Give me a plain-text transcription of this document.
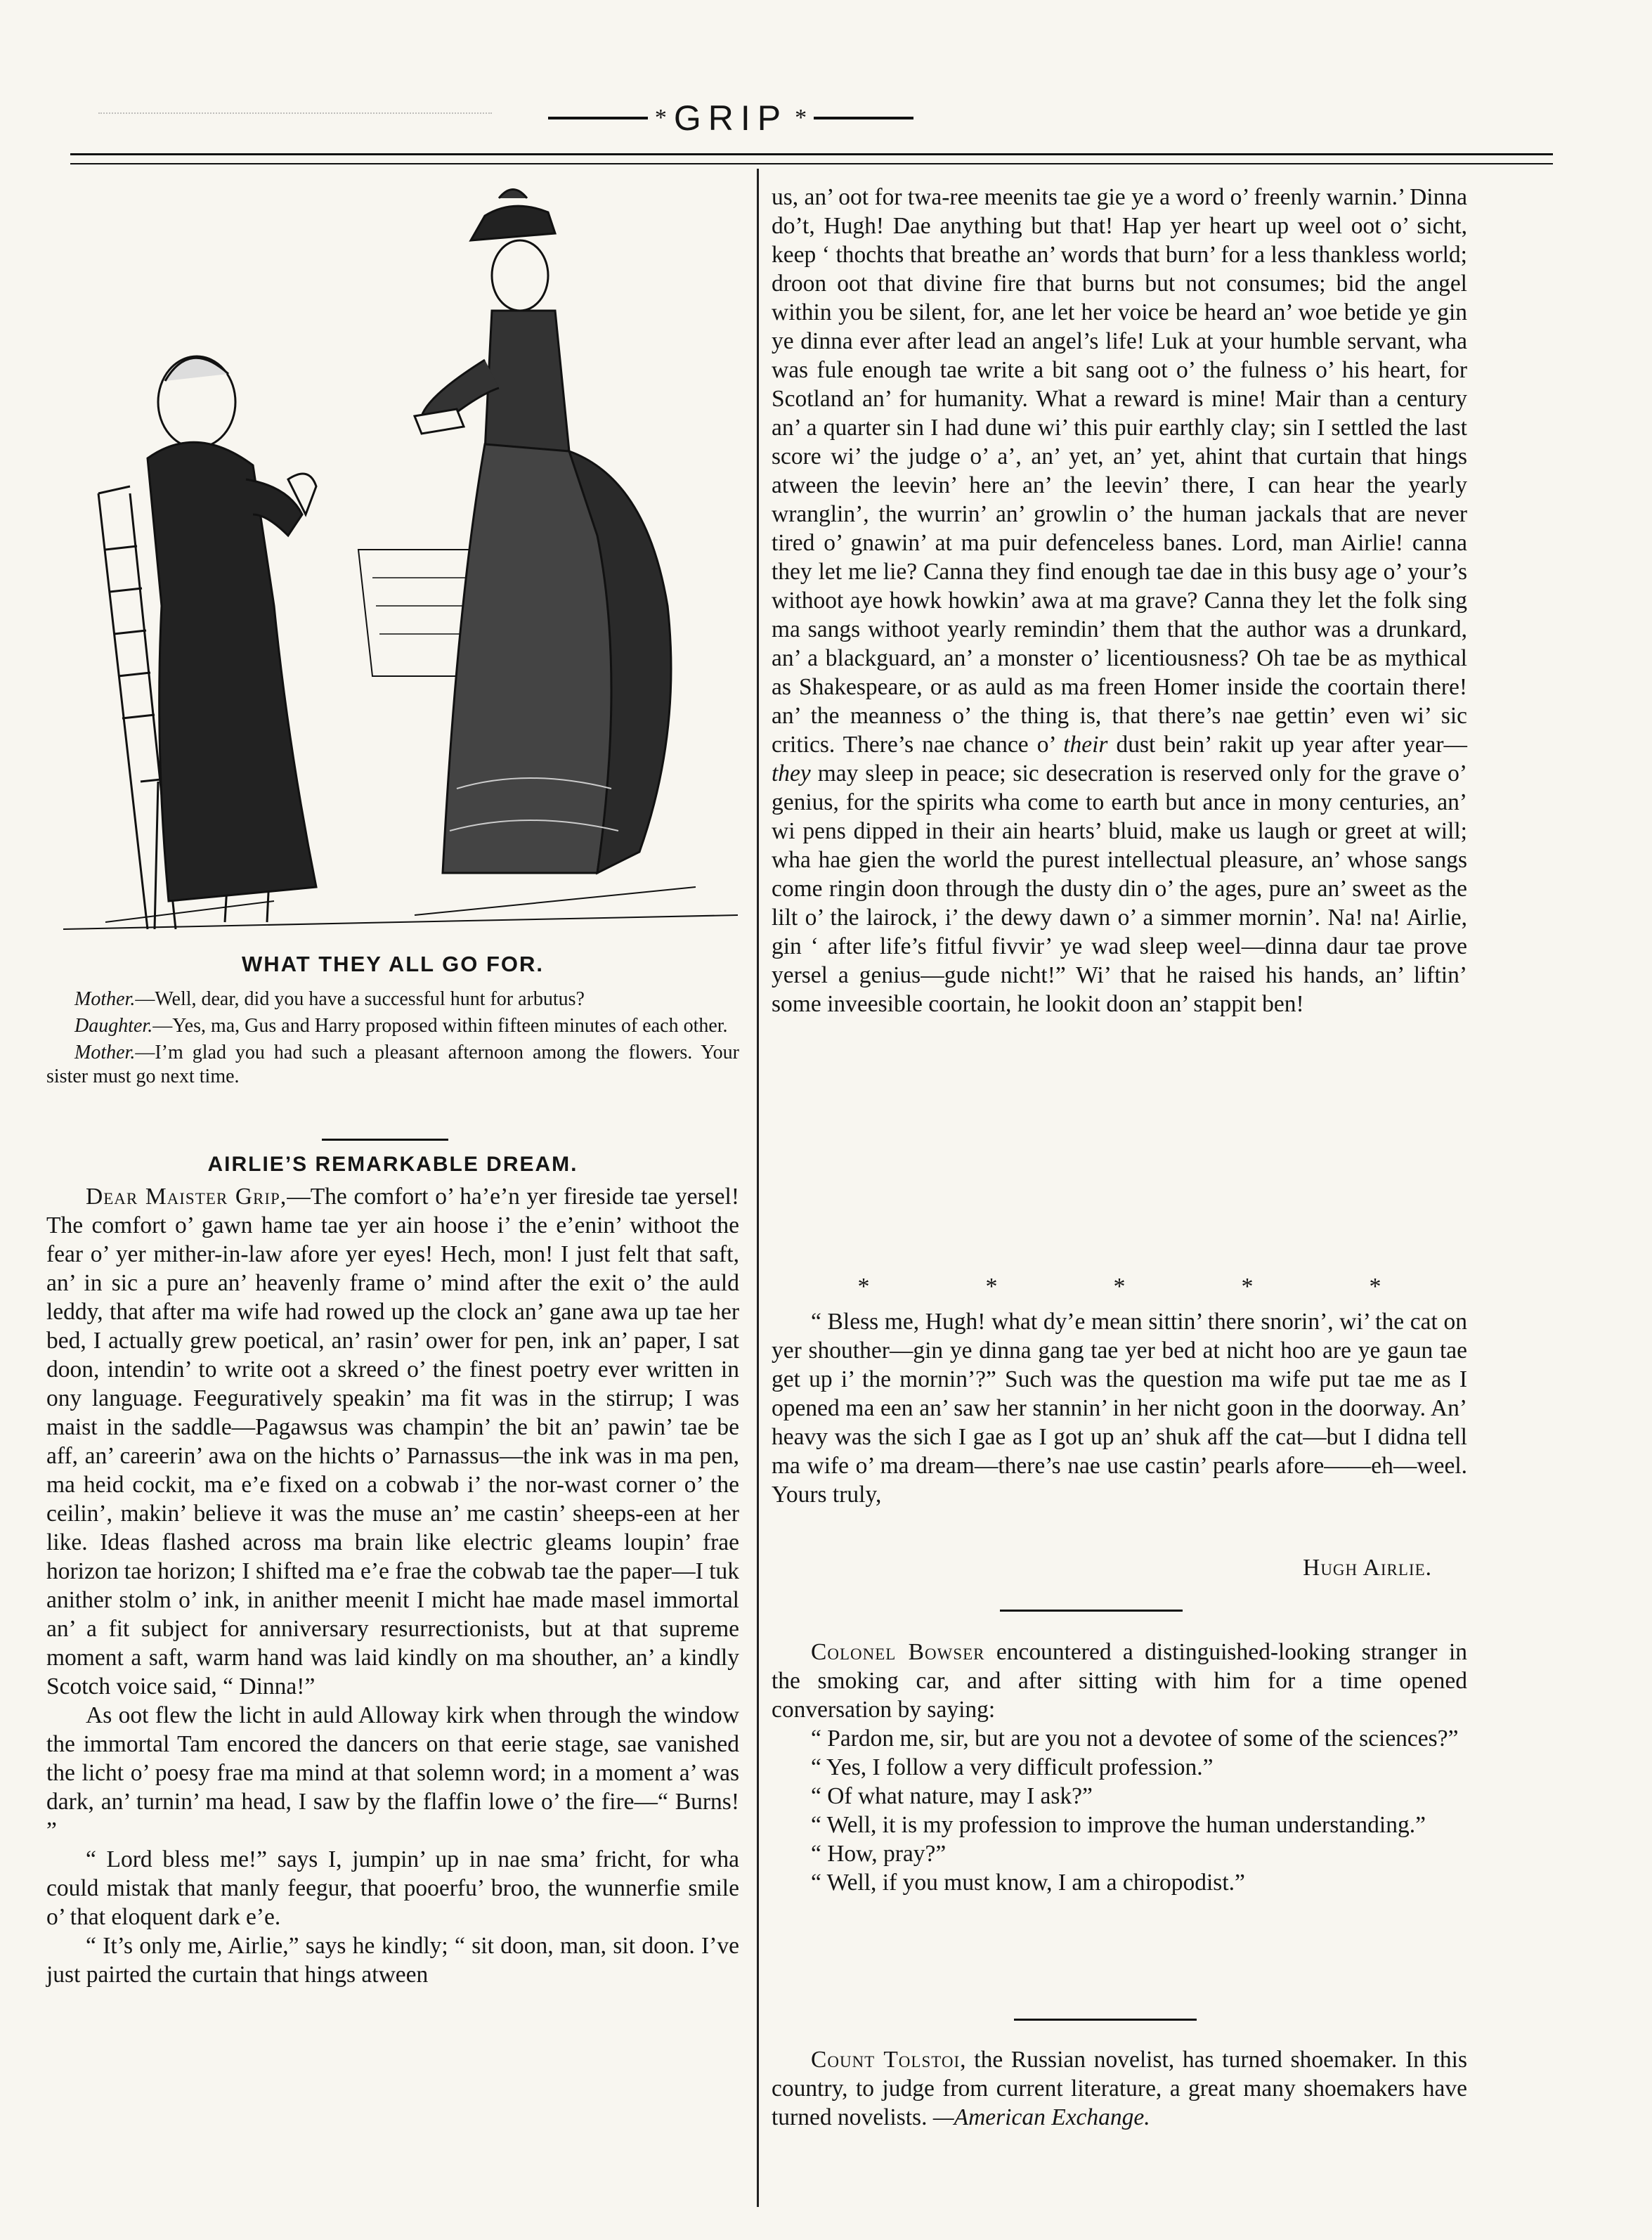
* GRIP *
WHAT THEY ALL GO FOR.

Mother.—Well, dear, did you have a successful hunt for arbutus?

Daughter.—Yes, ma, Gus and Harry proposed within fifteen minutes of each other.

Mother.—I’m glad you had such a pleasant afternoon among the flowers. Your sister must go next time.

AIRLIE’S REMARKABLE DREAM.

Dear Maister Grip,—The comfort o’ ha’e’n yer fireside tae yersel! The comfort o’ gawn hame tae yer ain hoose i’ the e’enin’ withoot the fear o’ yer mither-in-law afore yer eyes! Hech, mon! I just felt that saft, an’ in sic a pure an’ heavenly frame o’ mind after the exit o’ the auld leddy, that after ma wife had rowed up the clock an’ gane awa up tae her bed, I actually grew poetical, an’ rasin’ ower for pen, ink an’ paper, I sat doon, intendin’ to write oot a skreed o’ the finest poetry ever written in ony language. Feeguratively speakin’ ma fit was in the stirrup; I was maist in the saddle—Pagawsus was champin’ the bit an’ pawin’ tae be aff, an’ careerin’ awa on the hichts o’ Parnassus—the ink was in ma pen, ma heid cockit, ma e’e fixed on a cobwab i’ the nor-wast corner o’ the ceilin’, makin’ believe it was the muse an’ me castin’ sheeps-een at her like. Ideas flashed across ma brain like electric gleams loupin’ frae horizon tae horizon; I shifted ma e’e frae the cobwab tae the paper—I tuk anither stolm o’ ink, in anither meenit I micht hae made masel immortal an’ a fit subject for anniversary resurrectionists, but at that supreme moment a saft, warm hand was laid kindly on ma shouther, an’ a kindly Scotch voice said, “ Dinna!”

As oot flew the licht in auld Alloway kirk when through the window the immortal Tam encored the dancers on that eerie stage, sae vanished the licht o’ poesy frae ma mind at that solemn word; in a moment a’ was dark, an’ turnin’ ma head, I saw by the flaffin lowe o’ the fire—“ Burns! ”

“ Lord bless me!” says I, jumpin’ up in nae sma’ fricht, for wha could mistak that manly feegur, that pooerfu’ broo, the wunnerfie smile o’ that eloquent dark e’e.

“ It’s only me, Airlie,” says he kindly; “ sit doon, man, sit doon. I’ve just pairted the curtain that hings atween

us, an’ oot for twa-ree meenits tae gie ye a word o’ freenly warnin.’ Dinna do’t, Hugh! Dae anything but that! Hap yer heart up weel oot o’ sicht, keep ‘ thochts that breathe an’ words that burn’ for a less thankless world; droon oot that divine fire that burns but not consumes; bid the angel within you be silent, for, ane let her voice be heard an’ woe betide ye gin ye dinna ever after lead an angel’s life! Luk at your humble servant, wha was fule enough tae write a bit sang oot o’ the fulness o’ his heart, for Scotland an’ for humanity. What a reward is mine! Mair than a century an’ a quarter sin I had dune wi’ this puir earthly clay; sin I settled the last score wi’ the judge o’ a’, an’ yet, an’ yet, ahint that curtain that hings atween the leevin’ here an’ the leevin’ there, I can hear the yearly wranglin’, the wurrin’ an’ growlin o’ the human jackals that are never tired o’ gnawin’ at ma puir defenceless banes. Lord, man Airlie! canna they let me lie? Canna they find enough tae dae in this busy age o’ your’s withoot aye howk howkin’ awa at ma grave? Canna they let the folk sing ma sangs withoot yearly remindin’ them that the author was a drunkard, an’ a blackguard, an’ a monster o’ licentiousness? Oh tae be as mythical as Shakespeare, or as auld as ma freen Homer inside the coortain there! an’ the meanness o’ the thing is, that there’s nae gettin’ even wi’ sic critics. There’s nae chance o’ their dust bein’ rakit up year after year—they may sleep in peace; sic desecration is reserved only for the grave o’ genius, for the spirits wha come to earth but ance in mony centuries, an’ wi pens dipped in their ain hearts’ bluid, make us laugh or greet at will; wha hae gien the world the purest intellectual pleasure, an’ whose sangs come ringin doon through the dusty din o’ the ages, pure an’ sweet as the lilt o’ the lairock, i’ the dewy dawn o’ a simmer mornin’. Na! na! Airlie, gin ‘ after life’s fitful fivvir’ ye wad sleep weel—dinna daur tae prove yersel a genius—gude nicht!” Wi’ that he raised his hands, an’ liftin’ some inveesible coortain, he lookit doon an’ stappit ben!

*	*	*	*	*

“ Bless me, Hugh! what dy’e mean sittin’ there snorin’, wi’ the cat on yer shouther—gin ye dinna gang tae yer bed at nicht hoo are ye gaun tae get up i’ the mornin’?” Such was the question ma wife put tae me as I opened ma een an’ saw her stannin’ in her nicht goon in the doorway. An’ heavy was the sich I gae as I got up an’ shuk aff the cat—but I didna tell ma wife o’ ma dream—there’s nae use castin’ pearls afore——eh—weel. Yours truly,

Hugh Airlie.

Colonel Bowser encountered a distinguished-looking stranger in the smoking car, and after sitting with him for a time opened conversation by saying:

“ Pardon me, sir, but are you not a devotee of some of the sciences?”

“ Yes, I follow a very difficult profession.”

“ Of what nature, may I ask?”

“ Well, it is my profession to improve the human understanding.”

“ How, pray?”

“ Well, if you must know, I am a chiropodist.”

Count Tolstoi, the Russian novelist, has turned shoemaker. In this country, to judge from current literature, a great many shoemakers have turned novelists. —American Exchange.
